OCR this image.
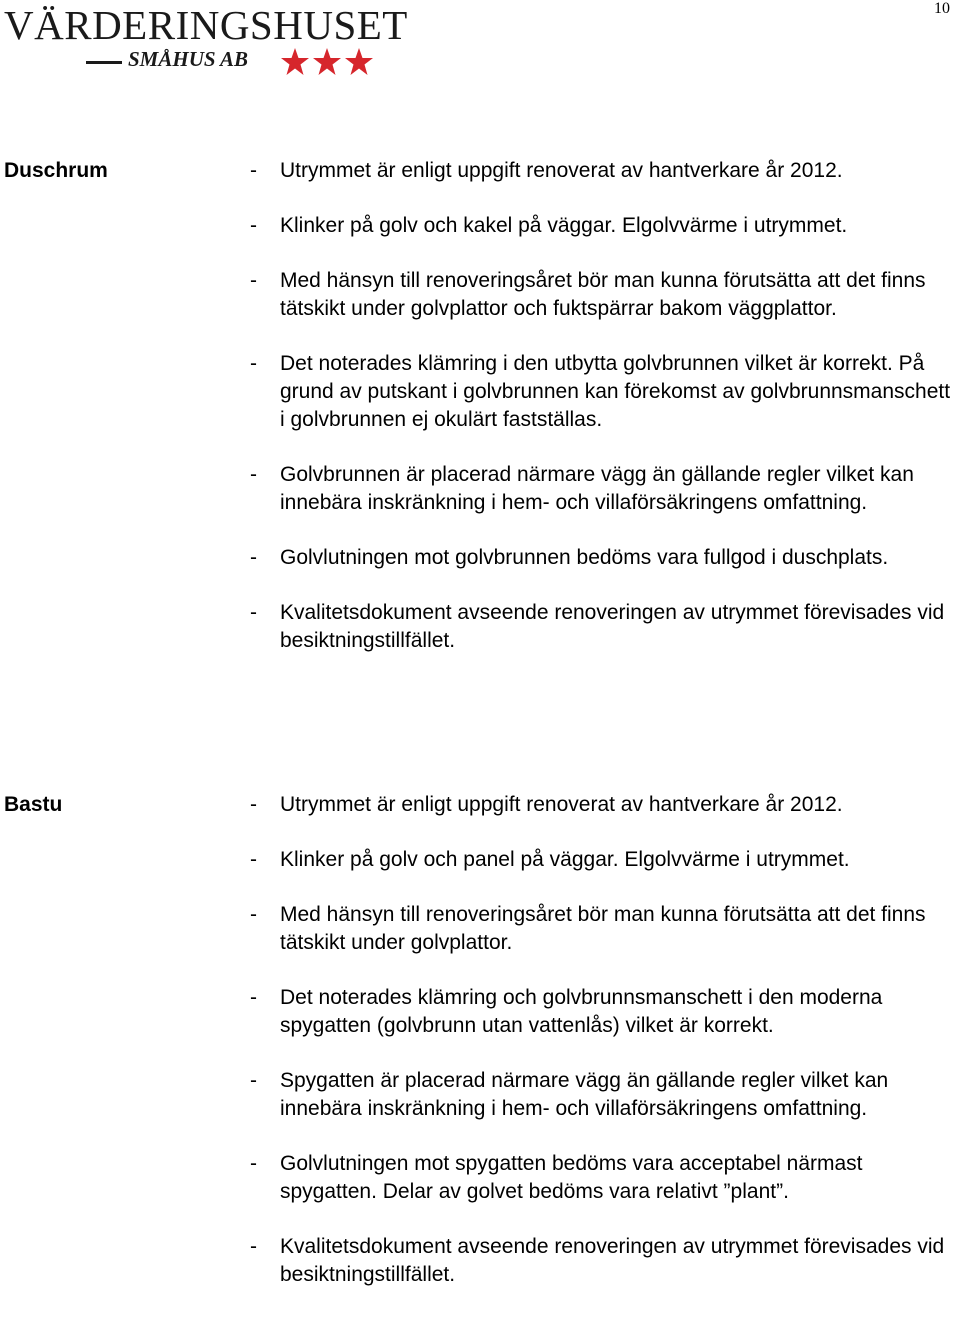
VÄRDERINGSHUSET
SMÅHUS AB
10
Duschrum	- Utrymmet är enligt uppgift renoverat av hantverkare år 2012.
- Klinker på golv och kakel på väggar. Elgolvvärme i utrymmet.
- Med hänsyn till renoveringsåret bör man kunna förutsätta att det finns tätskikt under golvplattor och fuktspärrar bakom väggplattor.
- Det noterades klämring i den utbytta golvbrunnen vilket är korrekt. På grund av putskant i golvbrunnen kan förekomst av golvbrunnsmanschett i golvbrunnen ej okulärt fastställas.
- Golvbrunnen är placerad närmare vägg än gällande regler vilket kan innebära inskränkning i hem- och villaförsäkringens omfattning.
- Golvlutningen mot golvbrunnen bedöms vara fullgod i duschplats.
- Kvalitetsdokument avseende renoveringen av utrymmet förevisades vid besiktningstillfället.
Bastu	- Utrymmet är enligt uppgift renoverat av hantverkare år 2012.
- Klinker på golv och panel på väggar. Elgolvvärme i utrymmet.
- Med hänsyn till renoveringsåret bör man kunna förutsätta att det finns tätskikt under golvplattor.
- Det noterades klämring och golvbrunnsmanschett i den moderna spygatten (golvbrunn utan vattenlås) vilket är korrekt.
- Spygatten är placerad närmare vägg än gällande regler vilket kan innebära inskränkning i hem- och villaförsäkringens omfattning.
- Golvlutningen mot spygatten bedöms vara acceptabel närmast spygatten. Delar av golvet bedöms vara relativt ”plant”.
- Kvalitetsdokument avseende renoveringen av utrymmet förevisades vid besiktningstillfället.
